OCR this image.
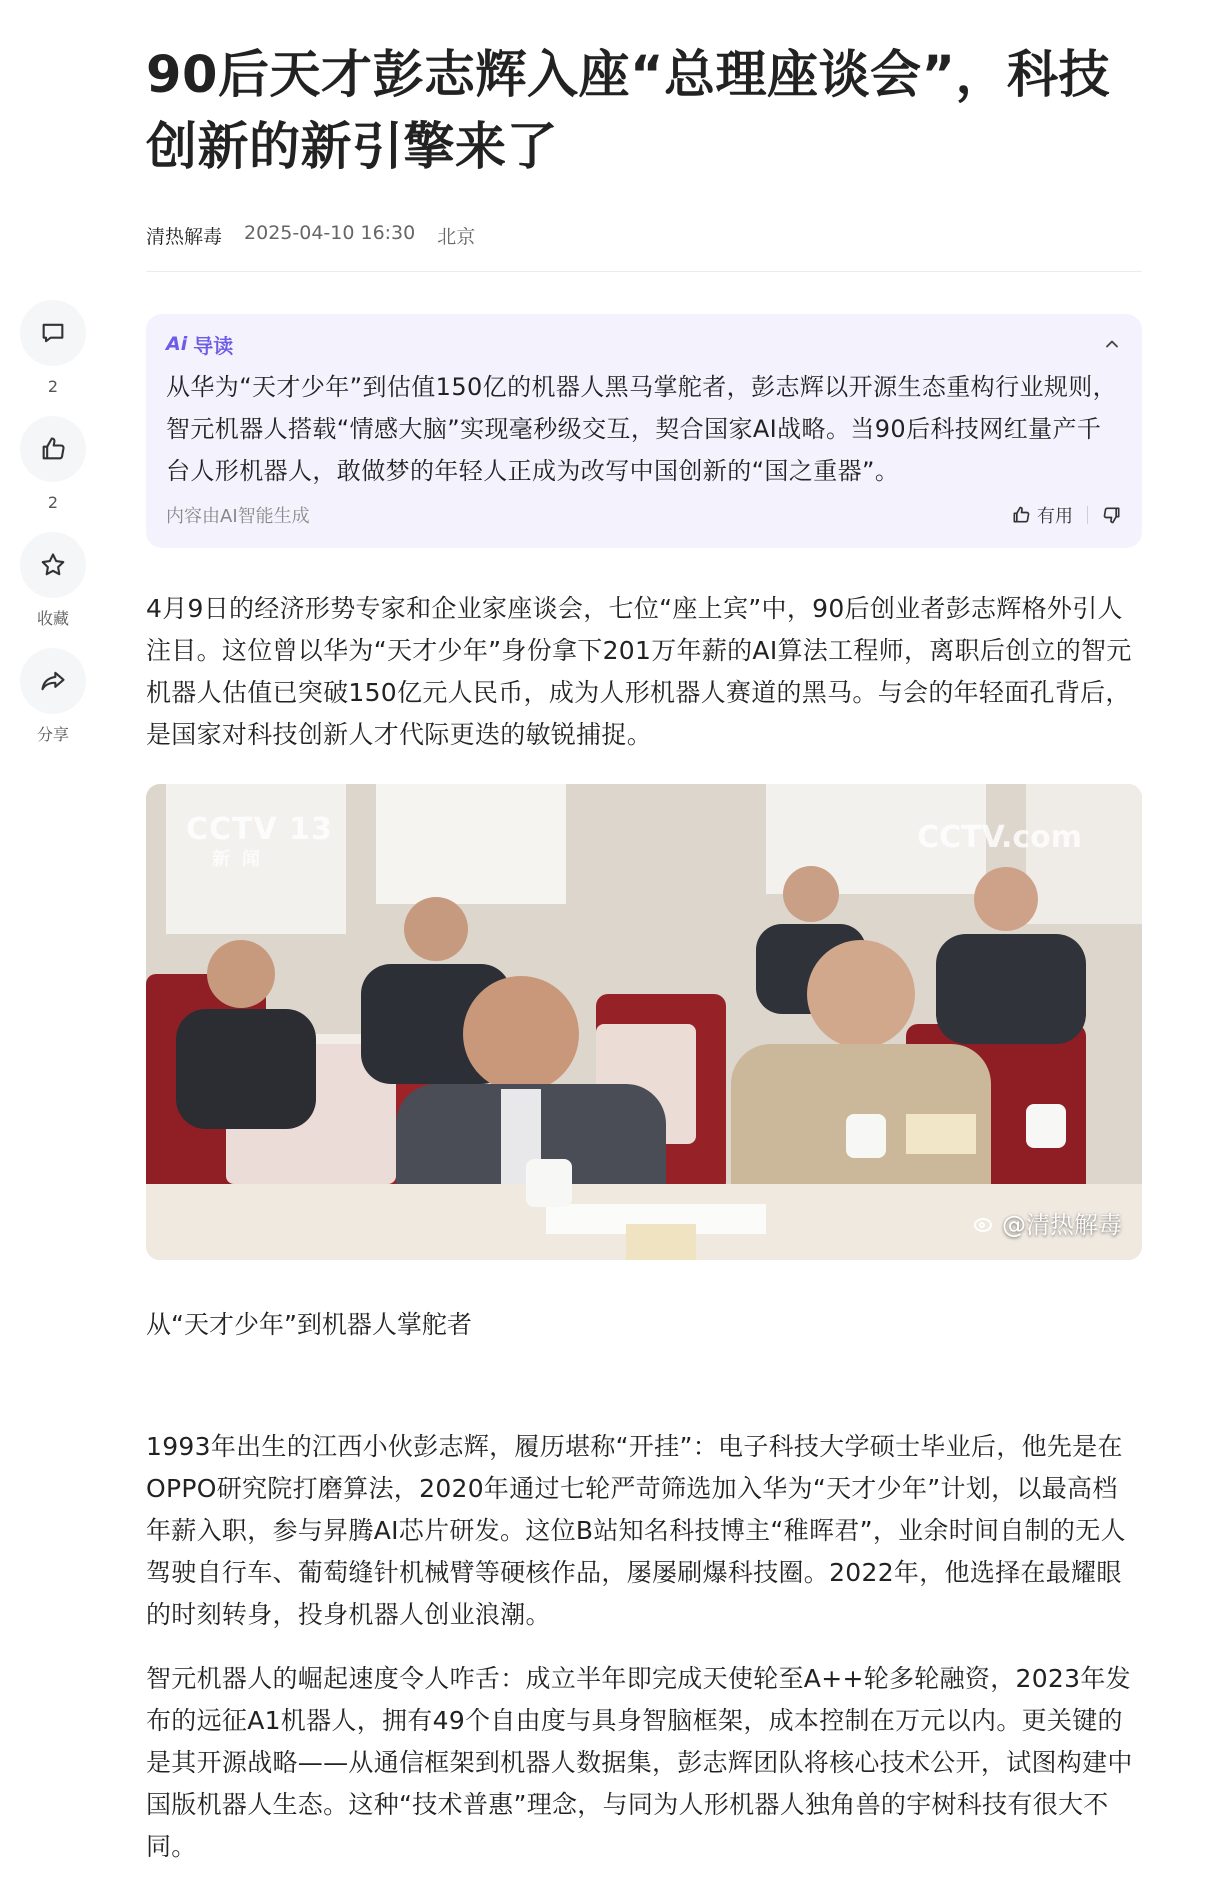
2
2
收藏
分享
90后天才彭志辉入座“总理座谈会”，科技创新的新引擎来了
清热解毒 2025-04-10 16:30 北京
Ai 导读
从华为“天才少年”到估值150亿的机器人黑马掌舵者，彭志辉以开源生态重构行业规则，智元机器人搭载“情感大脑”实现毫秒级交互，契合国家AI战略。当90后科技网红量产千台人形机器人，敢做梦的年轻人正成为改写中国创新的“国之重器”。
内容由AI智能生成	有用

4月9日的经济形势专家和企业家座谈会，七位“座上宾”中，90后创业者彭志辉格外引人注目。这位曾以华为“天才少年”身份拿下201万年薪的AI算法工程师，离职后创立的智元机器人估值已突破150亿元人民币，成为人形机器人赛道的黑马。与会的年轻面孔背后，是国家对科技创新人才代际更迭的敏锐捕捉。

CCTV 13
新闻
CCTV.com
@清热解毒
从“天才少年”到机器人掌舵者

1993年出生的江西小伙彭志辉，履历堪称“开挂”：电子科技大学硕士毕业后，他先是在OPPO研究院打磨算法，2020年通过七轮严苛筛选加入华为“天才少年”计划，以最高档年薪入职，参与昇腾AI芯片研发。这位B站知名科技博主“稚晖君”，业余时间自制的无人驾驶自行车、葡萄缝针机械臂等硬核作品，屡屡刷爆科技圈。2022年，他选择在最耀眼的时刻转身，投身机器人创业浪潮。

智元机器人的崛起速度令人咋舌：成立半年即完成天使轮至A++轮多轮融资，2023年发布的远征A1机器人，拥有49个自由度与具身智脑框架，成本控制在万元以内。更关键的是其开源战略——从通信框架到机器人数据集，彭志辉团队将核心技术公开，试图构建中国版机器人生态。这种“技术普惠”理念，与同为人形机器人独角兽的宇树科技有很大不同。
